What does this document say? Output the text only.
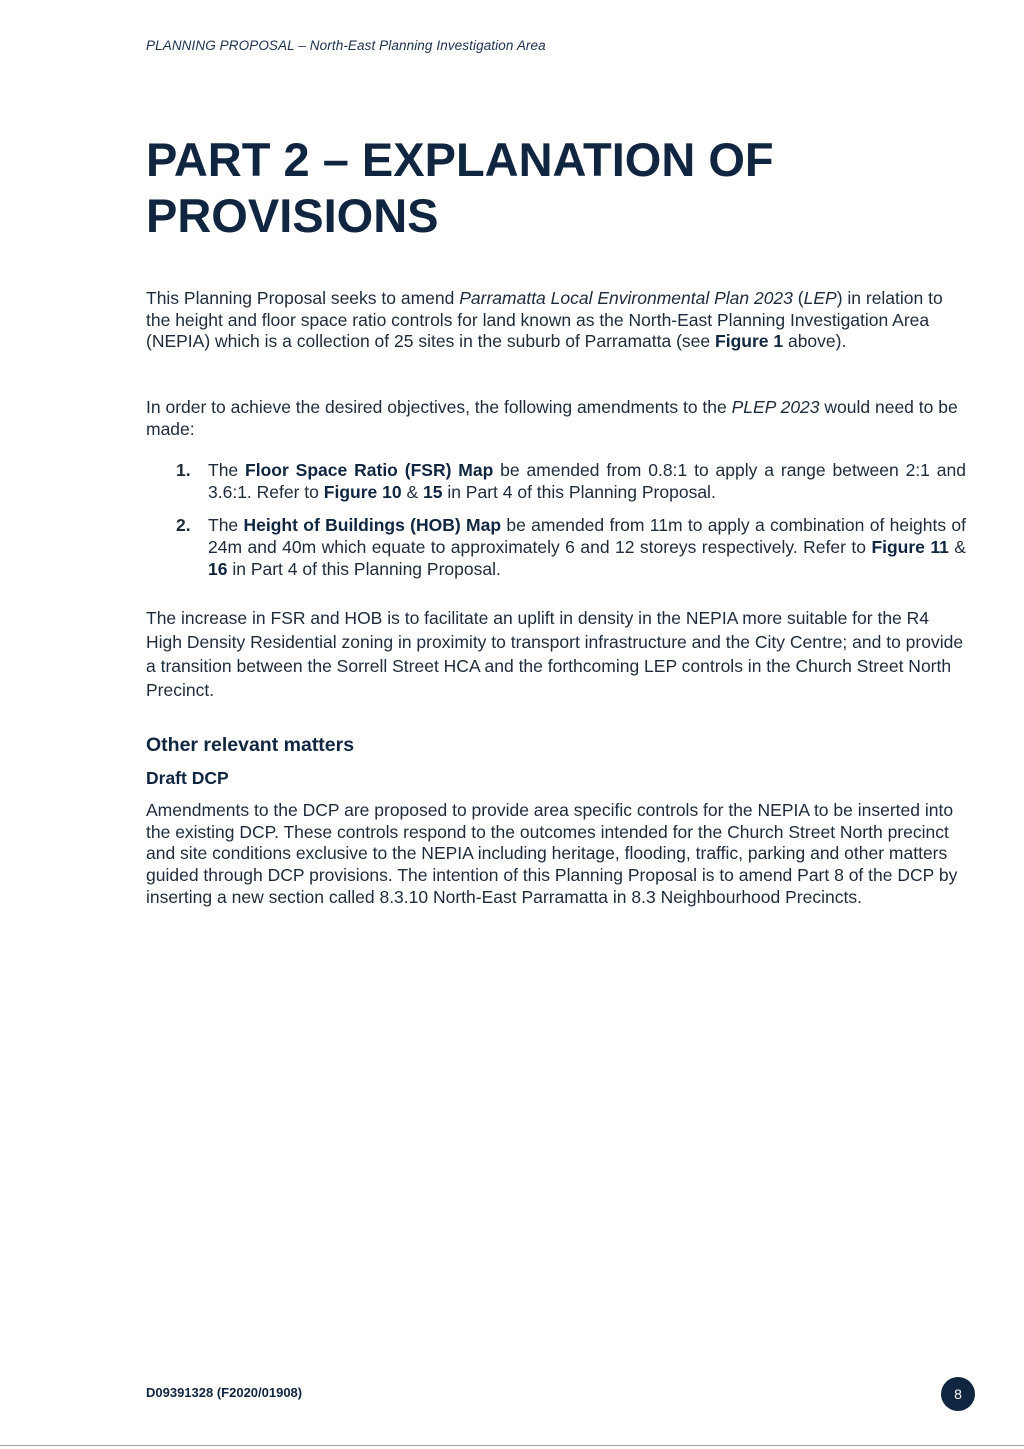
PLANNING PROPOSAL – North-East Planning Investigation Area
PART 2 – EXPLANATION OF
PROVISIONS

This Planning Proposal seeks to amend Parramatta Local Environmental Plan 2023 (LEP) in relation to the height and floor space ratio controls for land known as the North-East Planning Investigation Area (NEPIA) which is a collection of 25 sites in the suburb of Parramatta (see Figure 1 above).

In order to achieve the desired objectives, the following amendments to the PLEP 2023 would need to be made:

1. The Floor Space Ratio (FSR) Map be amended from 0.8:1 to apply a range between 2:1 and 3.6:1. Refer to Figure 10 & 15 in Part 4 of this Planning Proposal.
2. The Height of Buildings (HOB) Map be amended from 11m to apply a combination of heights of 24m and 40m which equate to approximately 6 and 12 storeys respectively. Refer to Figure 11 & 16 in Part 4 of this Planning Proposal.

The increase in FSR and HOB is to facilitate an uplift in density in the NEPIA more suitable for the R4 High Density Residential zoning in proximity to transport infrastructure and the City Centre; and to provide a transition between the Sorrell Street HCA and the forthcoming LEP controls in the Church Street North Precinct.

Other relevant matters
Draft DCP

Amendments to the DCP are proposed to provide area specific controls for the NEPIA to be inserted into the existing DCP. These controls respond to the outcomes intended for the Church Street North precinct and site conditions exclusive to the NEPIA including heritage, flooding, traffic, parking and other matters guided through DCP provisions. The intention of this Planning Proposal is to amend Part 8 of the DCP by inserting a new section called 8.3.10 North-East Parramatta in 8.3 Neighbourhood Precincts.

D09391328 (F2020/01908)	8
